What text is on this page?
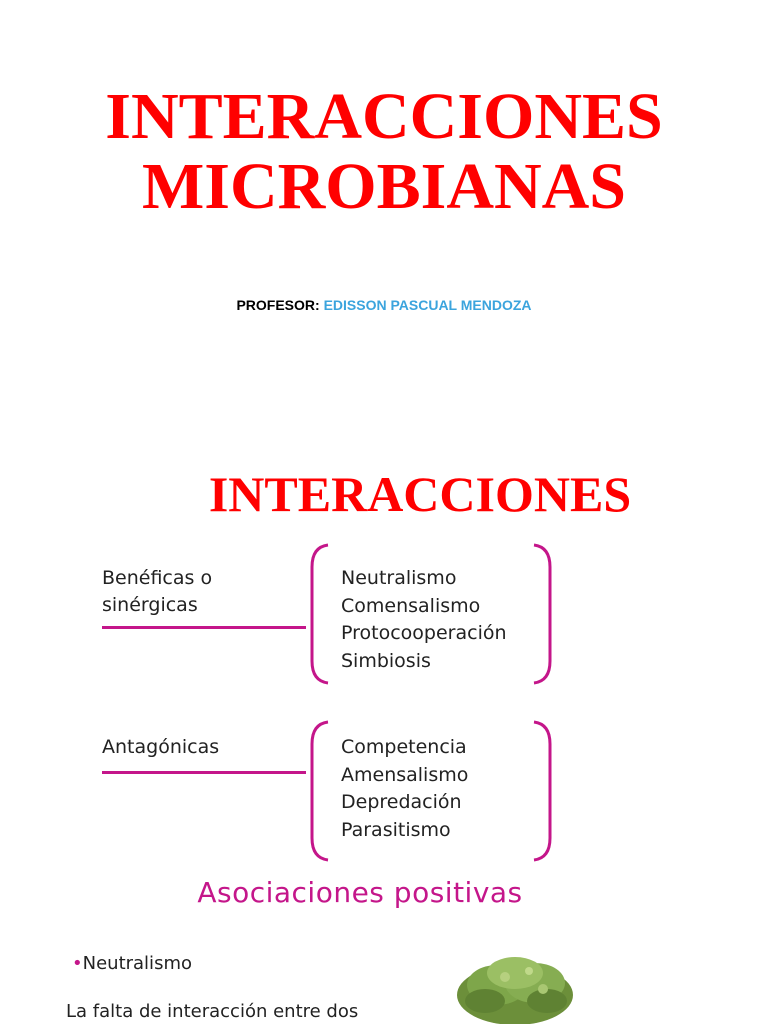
INTERACCIONES
MICROBIANAS
PROFESOR: EDISSON PASCUAL MENDOZA
INTERACCIONES
Benéficas o
sinérgicas
Neutralismo
Comensalismo
Protocooperación
Simbiosis
Antagónicas	Competencia
Amensalismo
Depredación
Parasitismo
Asociaciones positivas
•Neutralismo
La falta de interacción entre dos
